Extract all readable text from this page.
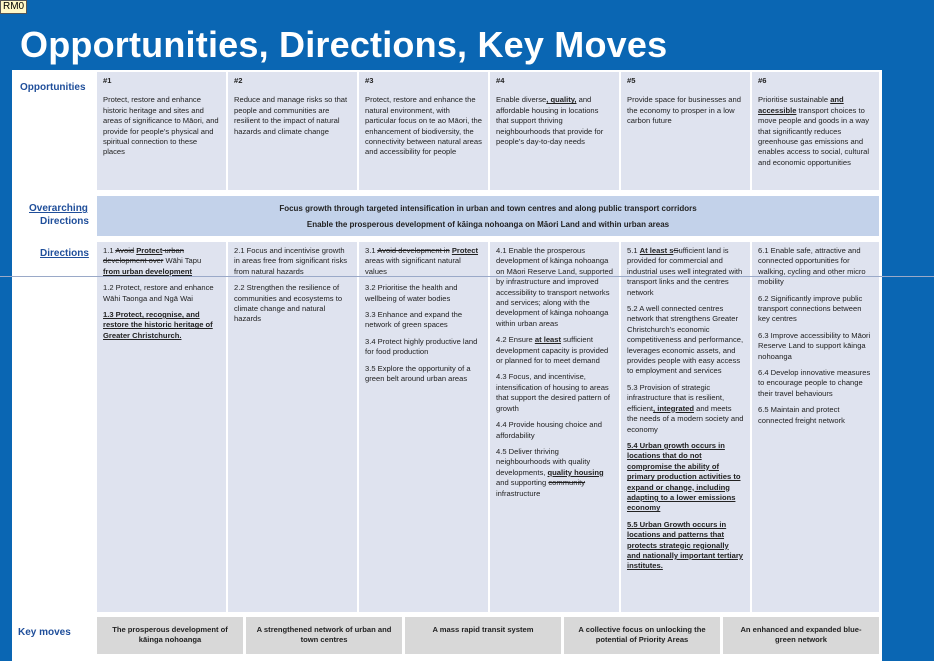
RM0
Opportunities, Directions, Key Moves
Opportunities
Overarching
Directions
Directions
Key moves
#1
Protect, restore and enhance historic heritage and sites and areas of significance to Māori, and provide for people’s physical and spiritual connection to these places
#2
Reduce and manage risks so that people and communities are resilient to the impact of natural hazards and climate change
#3
Protect, restore and enhance the natural environment, with particular focus on te ao Māori, the enhancement of biodiversity, the connectivity between natural areas and accessibility for people
#4
Enable diverse, quality, and affordable housing in locations that support thriving neighbourhoods that provide for people’s day-to-day needs
#5
Provide space for businesses and the economy to prosper in a low carbon future
#6
Prioritise sustainable and accessible transport choices to move people and goods in a way that significantly reduces greenhouse gas emissions and enables access to social, cultural and economic opportunities

Focus growth through targeted intensification in urban and town centres and along public transport corridors

Enable the prosperous development of kāinga nohoanga on Māori Land and within urban areas

1.1 Avoid Protect urban development over Wāhi Tapu from urban development

1.2 Protect, restore and enhance Wāhi Taonga and Ngā Wai

1.3 Protect, recognise, and restore the historic heritage of Greater Christchurch.

2.1 Focus and incentivise growth in areas free from significant risks from natural hazards

2.2 Strengthen the resilience of communities and ecosystems to climate change and natural hazards

3.1 Avoid development in Protect areas with significant natural values

3.2 Prioritise the health and wellbeing of water bodies

3.3 Enhance and expand the network of green spaces

3.4 Protect highly productive land for food production

3.5 Explore the opportunity of a green belt around urban areas

4.1 Enable the prosperous development of kāinga nohoanga on Māori Reserve Land, supported by infrastructure and improved accessibility to transport networks and services; along with the development of kāinga nohoanga within urban areas

4.2 Ensure at least sufficient development capacity is provided or planned for to meet demand

4.3 Focus, and incentivise, intensification of housing to areas that support the desired pattern of growth

4.4 Provide housing choice and affordability

4.5 Deliver thriving neighbourhoods with quality developments, quality housing and supporting community infrastructure

5.1 At least sSufficient land is provided for commercial and industrial uses well integrated with transport links and the centres network

5.2 A well connected centres network that strengthens Greater Christchurch’s economic competitiveness and performance, leverages economic assets, and provides people with easy access to employment and services

5.3 Provision of strategic infrastructure that is resilient, efficient, integrated and meets the needs of a modern society and economy

5.4 Urban growth occurs in locations that do not compromise the ability of primary production activities to expand or change, including adapting to a lower emissions economy

5.5 Urban Growth occurs in locations and patterns that protects strategic regionally and nationally important tertiary institutes.

6.1 Enable safe, attractive and connected opportunities for walking, cycling and other micro mobility

6.2 Significantly improve public transport connections between key centres

6.3 Improve accessibility to Māori Reserve Land to support kāinga nohoanga

6.4 Develop innovative measures to encourage people to change their travel behaviours

6.5 Maintain and protect connected freight network

The prosperous development of kāinga nohoanga
A strengthened network of urban and town centres
A mass rapid transit system	A collective focus on unlocking the potential of Priority Areas
An enhanced and expanded blue-green network
